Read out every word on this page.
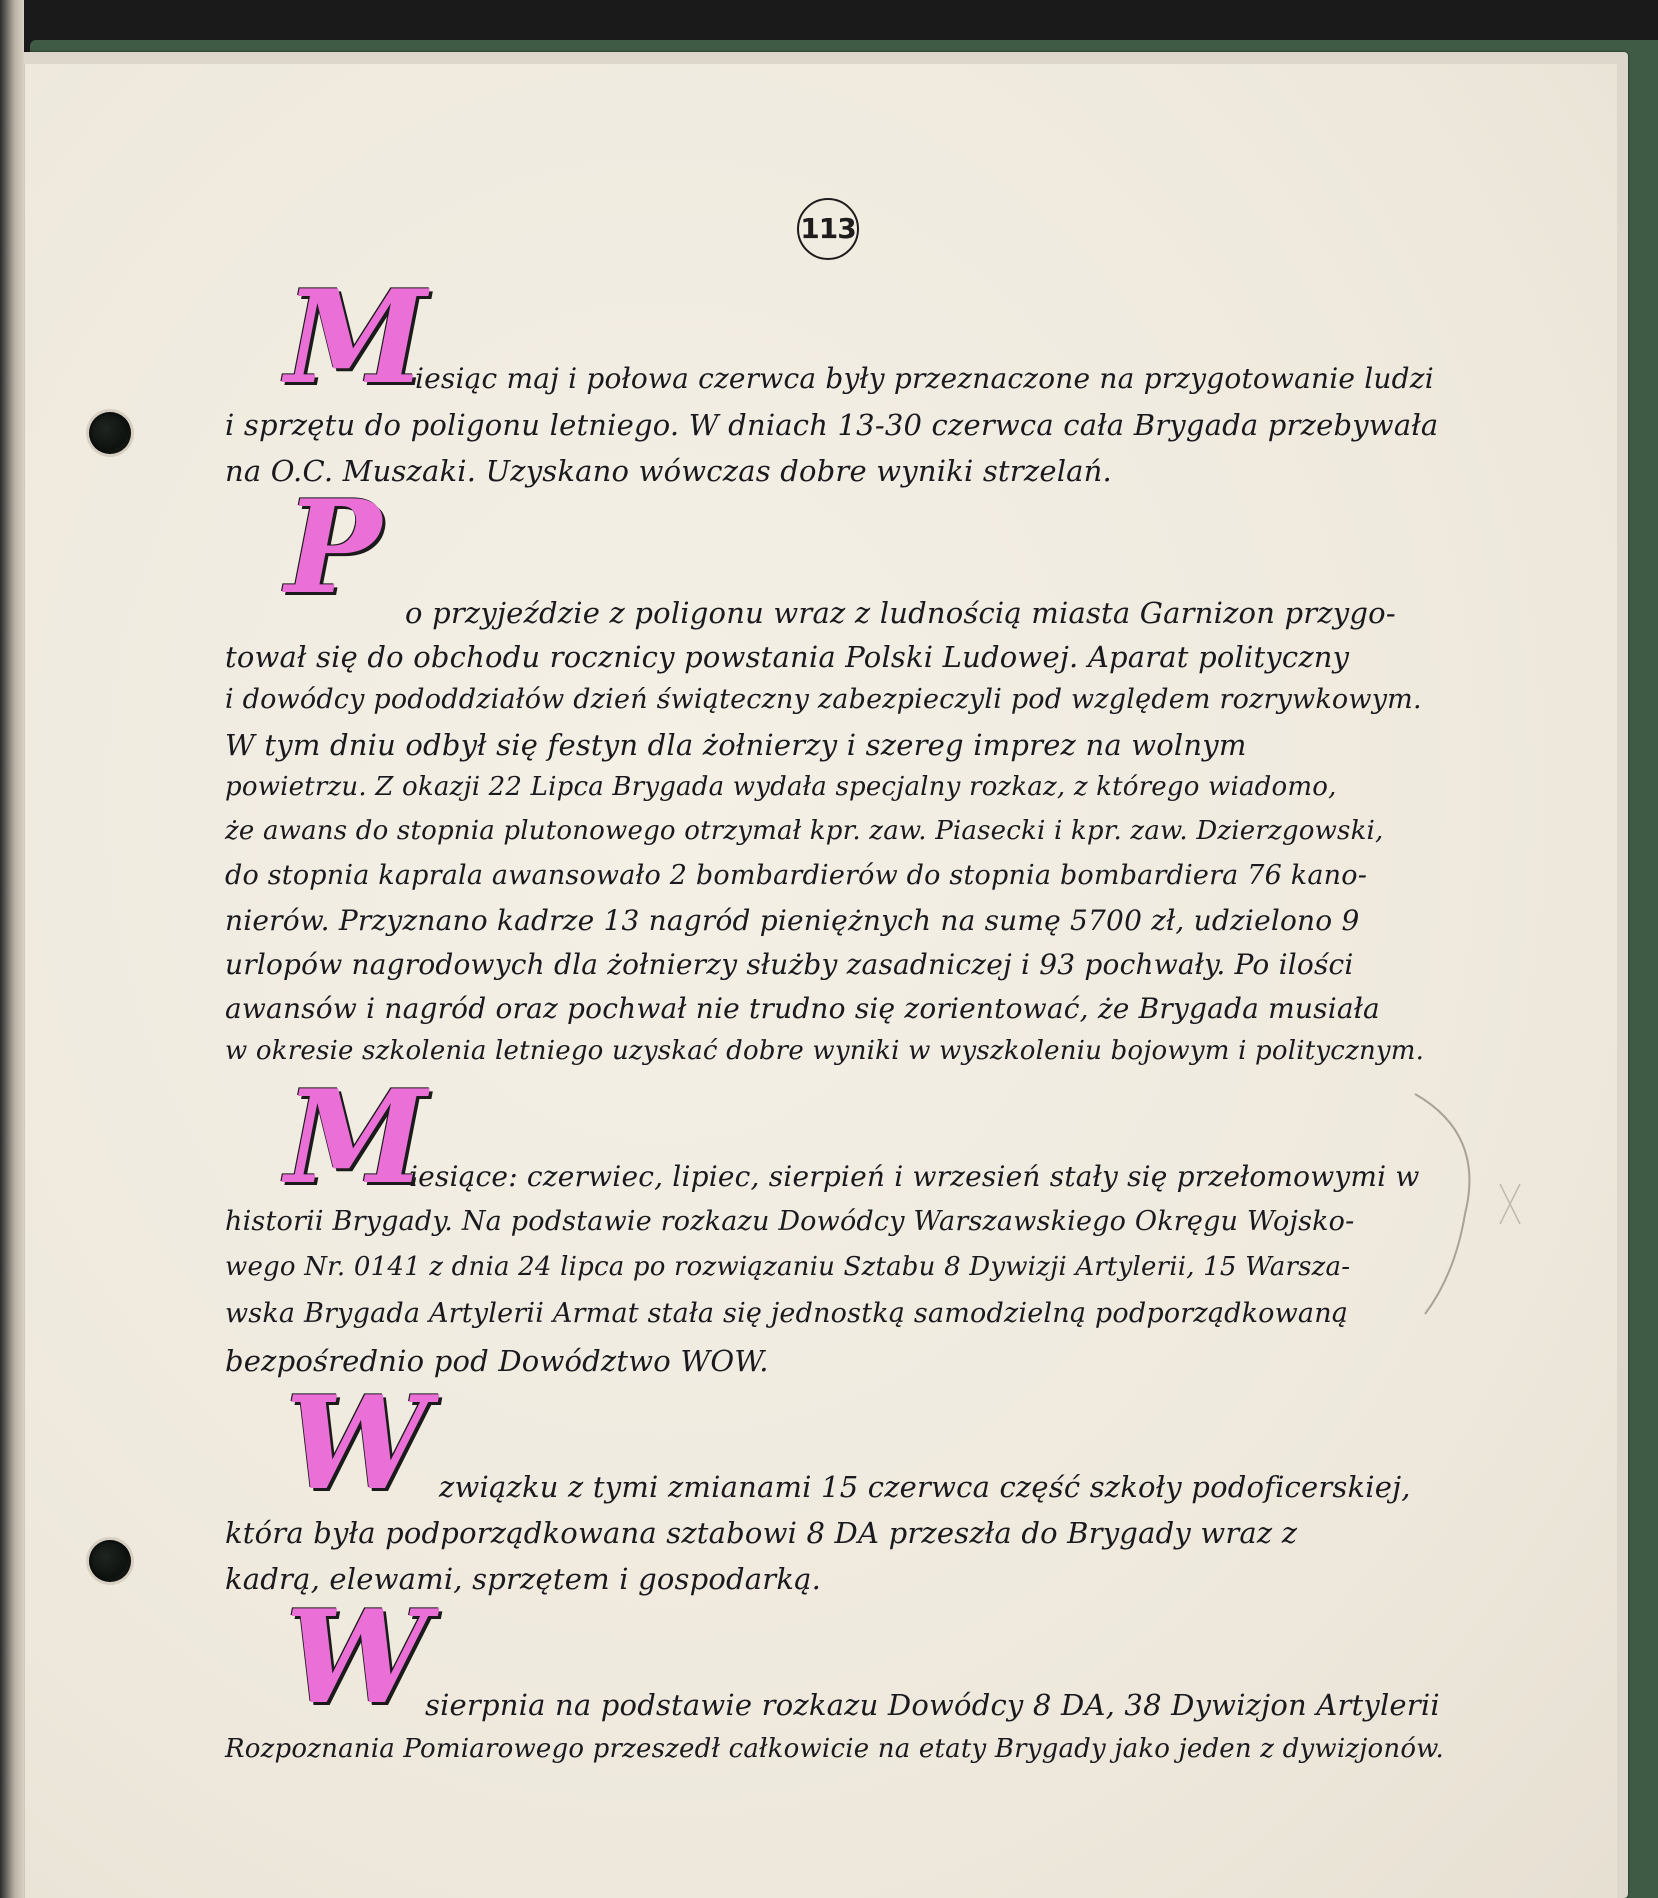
113
M
iesiąc maj i połowa czerwca były przeznaczone na przygotowanie ludzi
i sprzętu do poligonu letniego. W dniach 13-30 czerwca cała Brygada przebywała
na O.C. Muszaki. Uzyskano wówczas dobre wyniki strzelań.
P o przyjeździe z poligonu wraz z ludnością miasta Garnizon przygo-
tował się do obchodu rocznicy powstania Polski Ludowej. Aparat polityczny
i dowódcy pododdziałów dzień świąteczny zabezpieczyli pod względem rozrywkowym.
W tym dniu odbył się festyn dla żołnierzy i szereg imprez na wolnym
powietrzu. Z okazji 22 Lipca Brygada wydała specjalny rozkaz, z którego wiadomo,
że awans do stopnia plutonowego otrzymał kpr. zaw. Piasecki i kpr. zaw. Dzierzgowski,
do stopnia kaprala awansowało 2 bombardierów do stopnia bombardiera 76 kano-
nierów. Przyznano kadrze 13 nagród pieniężnych na sumę 5700 zł, udzielono 9
urlopów nagrodowych dla żołnierzy służby zasadniczej i 93 pochwały. Po ilości
awansów i nagród oraz pochwał nie trudno się zorientować, że Brygada musiała
w okresie szkolenia letniego uzyskać dobre wyniki w wyszkoleniu bojowym i politycznym.
M
iesiące: czerwiec, lipiec, sierpień i wrzesień stały się przełomowymi w
historii Brygady. Na podstawie rozkazu Dowódcy Warszawskiego Okręgu Wojsko-
wego Nr. 0141 z dnia 24 lipca po rozwiązaniu Sztabu 8 Dywizji Artylerii, 15 Warsza-
wska Brygada Artylerii Armat stała się jednostką samodzielną podporządkowaną
bezpośrednio pod Dowództwo WOW.
W związku z tymi zmianami 15 czerwca część szkoły podoficerskiej,
która była podporządkowana sztabowi 8 DA przeszła do Brygady wraz z
kadrą, elewami, sprzętem i gospodarką.
W
sierpnia na podstawie rozkazu Dowódcy 8 DA, 38 Dywizjon Artylerii
Rozpoznania Pomiarowego przeszedł całkowicie na etaty Brygady jako jeden z dywizjonów.
